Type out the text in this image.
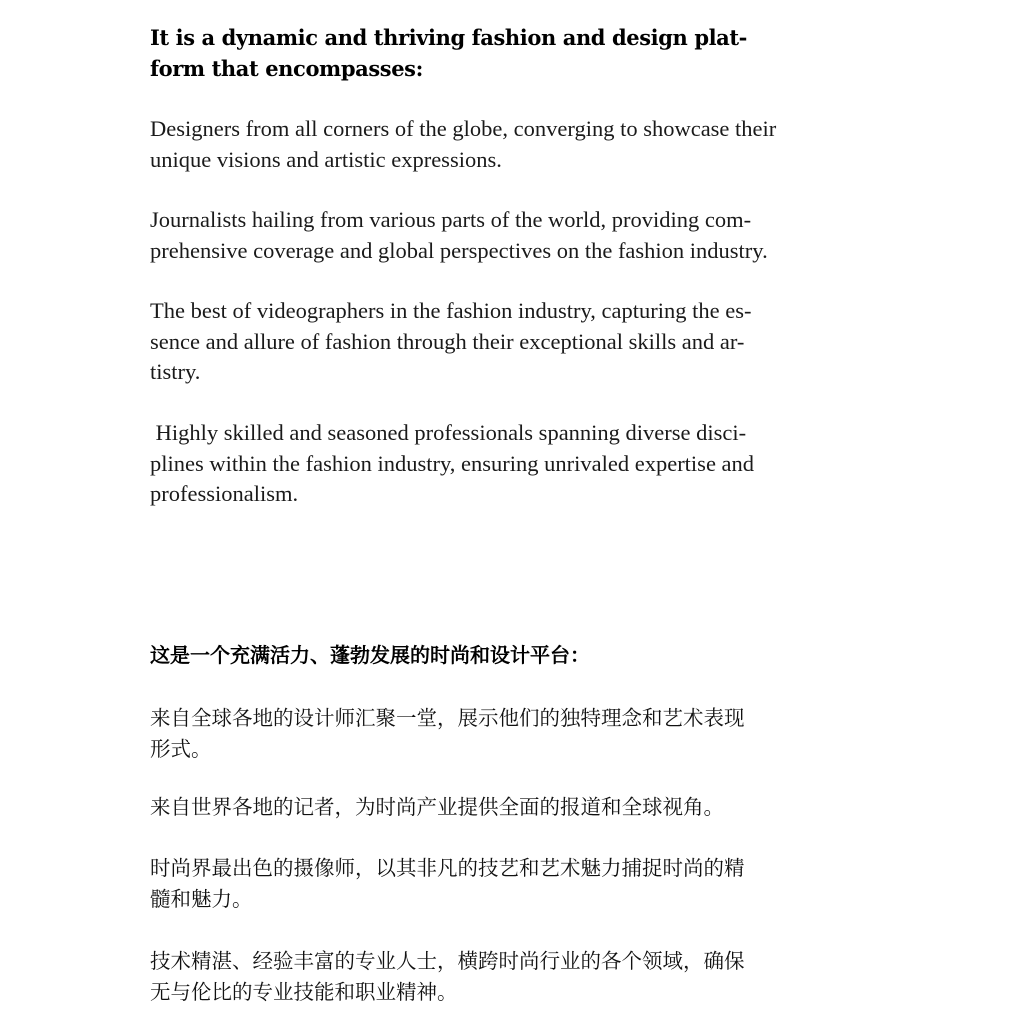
It is a dynamic and thriving fashion and design plat-
form that encompasses:

Designers from all corners of the globe, converging to showcase their
unique visions and artistic expressions.

Journalists hailing from various parts of the world, providing com-
prehensive coverage and global perspectives on the fashion industry.

The best of videographers in the fashion industry, capturing the es-
sence and allure of fashion through their exceptional skills and ar-
tistry.

Highly skilled and seasoned professionals spanning diverse disci-
plines within the fashion industry, ensuring unrivaled expertise and
professionalism.

这是一个充满活力、蓬勃发展的时尚和设计平台：

来自全球各地的设计师汇聚一堂，展示他们的独特理念和艺术表现
形式。

来自世界各地的记者，为时尚产业提供全面的报道和全球视角。

时尚界最出色的摄像师，以其非凡的技艺和艺术魅力捕捉时尚的精
髓和魅力。

技术精湛、经验丰富的专业人士，横跨时尚行业的各个领域，确保
无与伦比的专业技能和职业精神。
